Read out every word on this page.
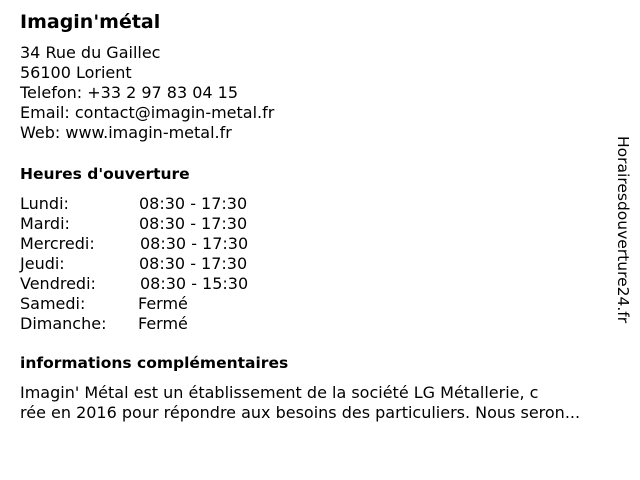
Imagin'métal
34 Rue du Gaillec
56100 Lorient
Telefon: +33 2 97 83 04 15
Email: contact@imagin-metal.fr
Web: www.imagin-metal.fr
Heures d'ouverture
Lundi:	08:30 - 17:30
Mardi:	08:30 - 17:30
Mercredi:	08:30 - 17:30
Jeudi:	08:30 - 17:30
Vendredi:	08:30 - 15:30
Samedi:	Fermé
Dimanche: Fermé
informations complémentaires
Imagin' Métal est un établissement de la société LG Métallerie, c
rée en 2016 pour répondre aux besoins des particuliers. Nous seron...
Horairesdouverture24.fr
